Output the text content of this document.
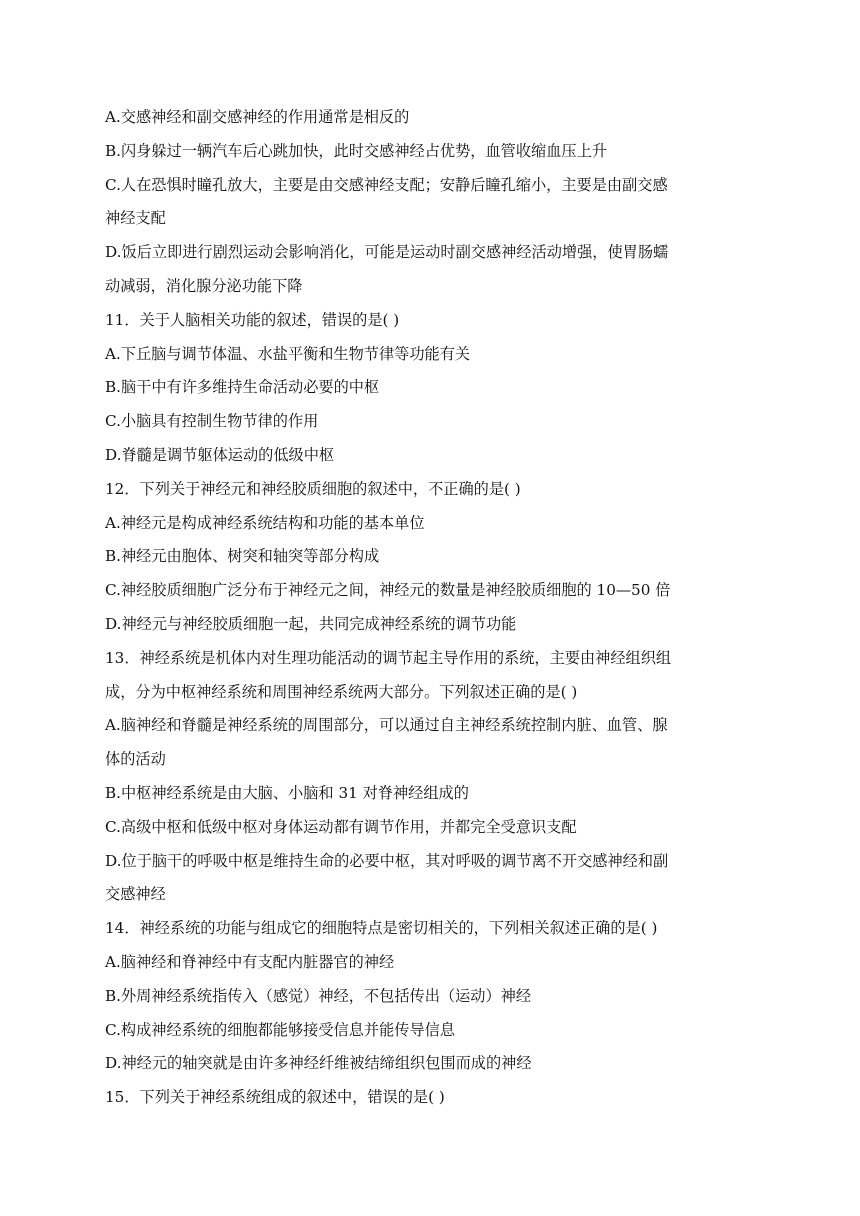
A.交感神经和副交感神经的作用通常是相反的
B.闪身躲过一辆汽车后心跳加快，此时交感神经占优势，血管收缩血压上升
C.人在恐惧时瞳孔放大，主要是由交感神经支配；安静后瞳孔缩小，主要是由副交感
神经支配
D.饭后立即进行剧烈运动会影响消化，可能是运动时副交感神经活动增强，使胃肠蠕
动减弱，消化腺分泌功能下降
11．关于人脑相关功能的叙述，错误的是( )
A.下丘脑与调节体温、水盐平衡和生物节律等功能有关
B.脑干中有许多维持生命活动必要的中枢
C.小脑具有控制生物节律的作用
D.脊髓是调节躯体运动的低级中枢
12．下列关于神经元和神经胶质细胞的叙述中，不正确的是( )
A.神经元是构成神经系统结构和功能的基本单位
B.神经元由胞体、树突和轴突等部分构成
C.神经胶质细胞广泛分布于神经元之间，神经元的数量是神经胶质细胞的 10—50 倍
D.神经元与神经胶质细胞一起，共同完成神经系统的调节功能
13．神经系统是机体内对生理功能活动的调节起主导作用的系统，主要由神经组织组
成，分为中枢神经系统和周围神经系统两大部分。下列叙述正确的是( )
A.脑神经和脊髓是神经系统的周围部分，可以通过自主神经系统控制内脏、血管、腺
体的活动
B.中枢神经系统是由大脑、小脑和 31 对脊神经组成的
C.高级中枢和低级中枢对身体运动都有调节作用，并都完全受意识支配
D.位于脑干的呼吸中枢是维持生命的必要中枢，其对呼吸的调节离不开交感神经和副
交感神经
14．神经系统的功能与组成它的细胞特点是密切相关的，下列相关叙述正确的是( )
A.脑神经和脊神经中有支配内脏器官的神经
B.外周神经系统指传入（感觉）神经，不包括传出（运动）神经
C.构成神经系统的细胞都能够接受信息并能传导信息
D.神经元的轴突就是由许多神经纤维被结缔组织包围而成的神经
15．下列关于神经系统组成的叙述中，错误的是( )
